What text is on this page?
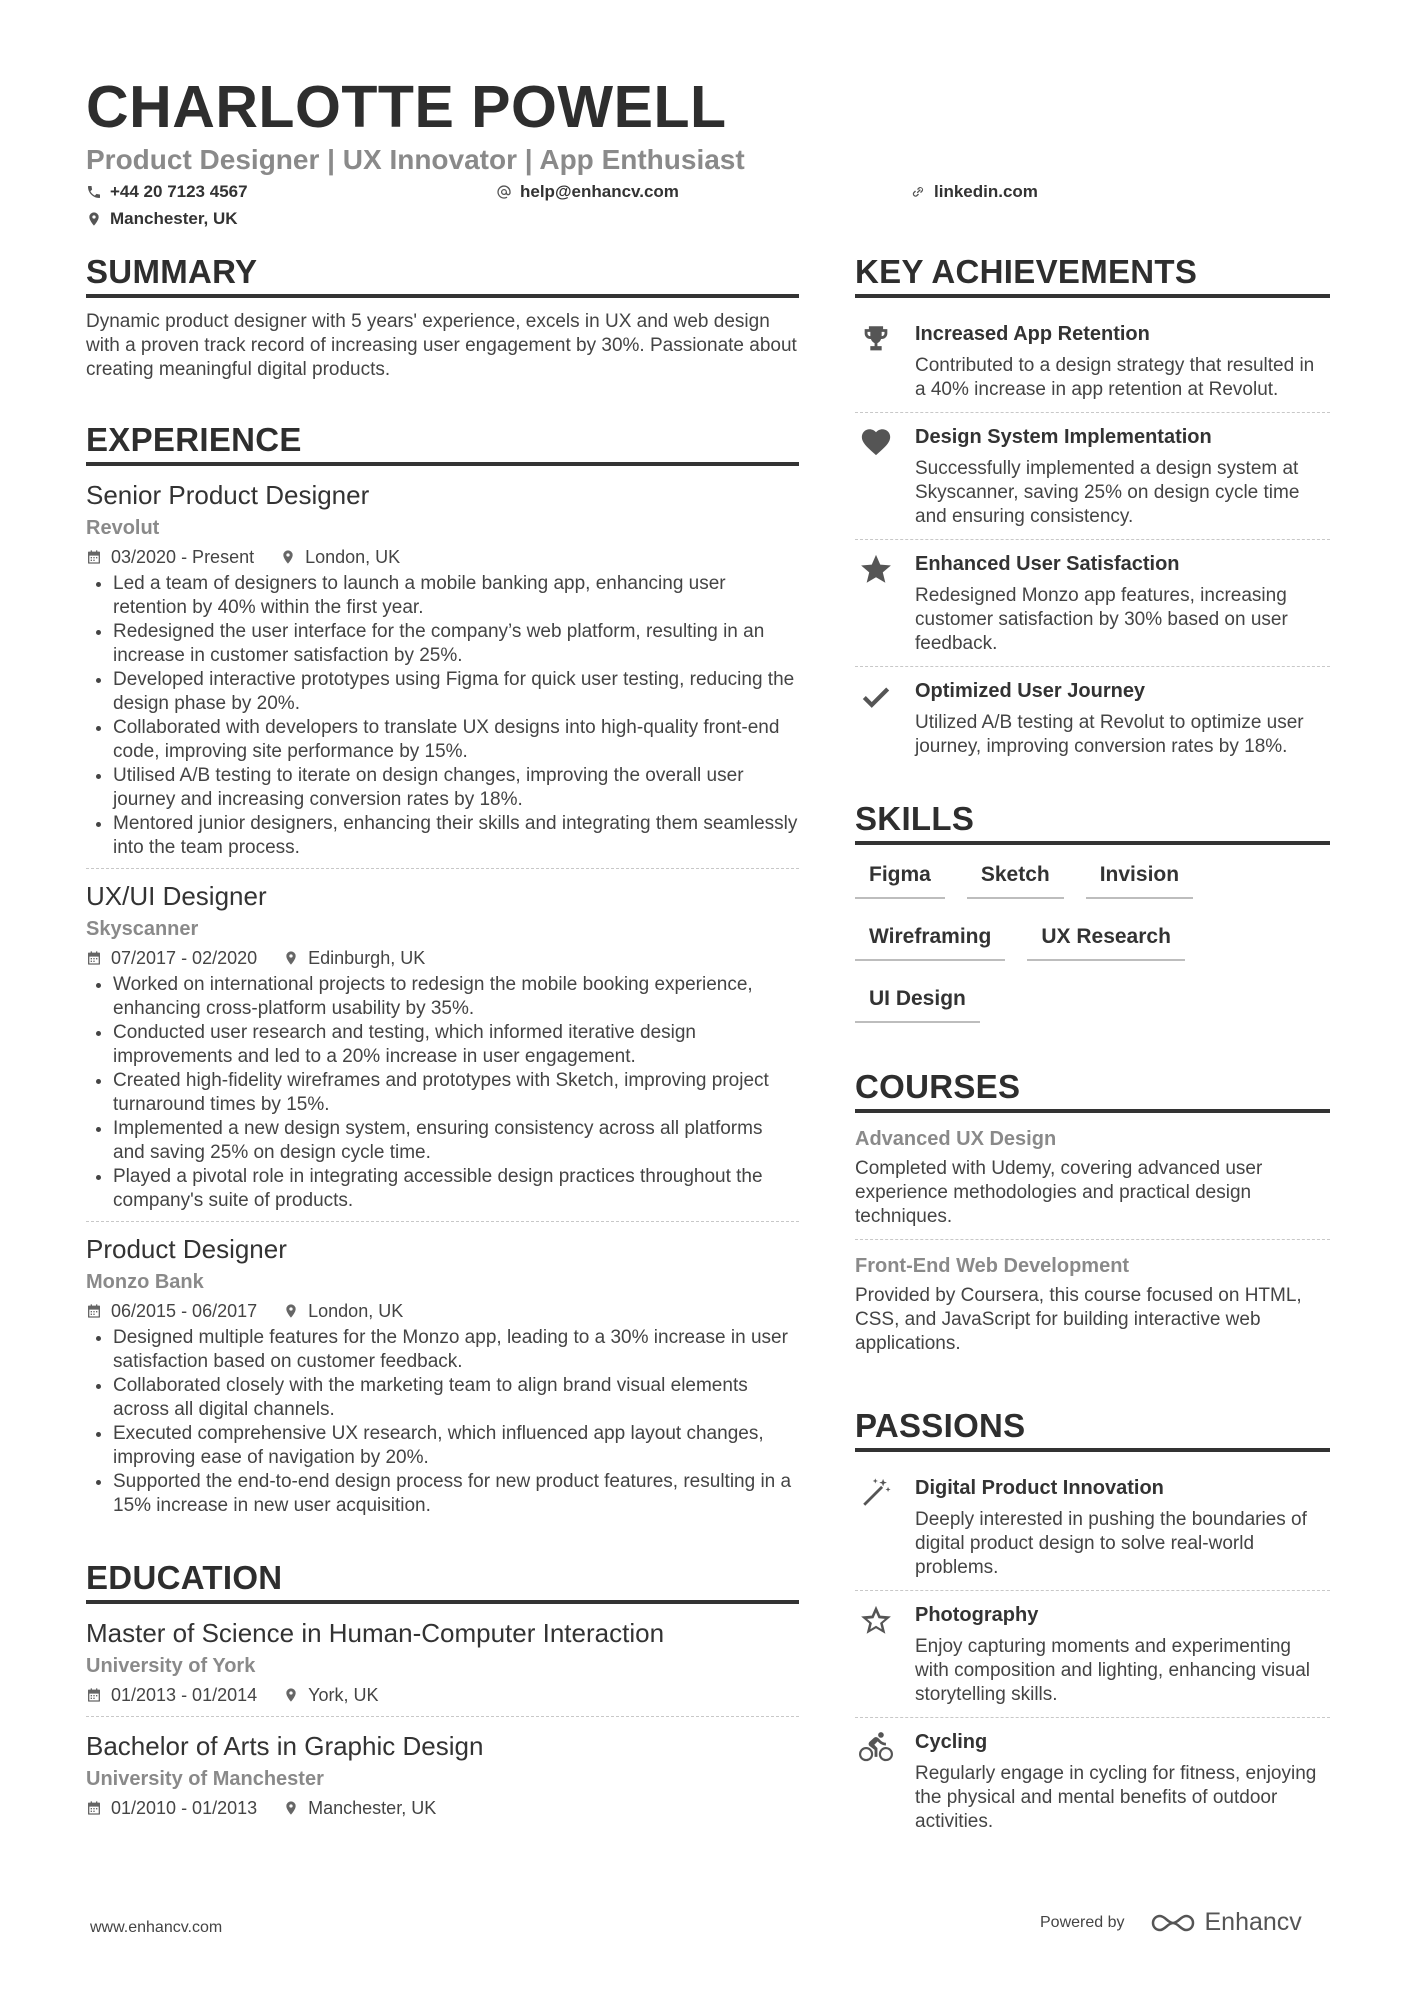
CHARLOTTE POWELL
Product Designer | UX Innovator | App Enthusiast
+44 20 7123 4567	help@enhancv.com	linkedin.com
Manchester, UK
SUMMARY
Dynamic product designer with 5 years' experience, excels in UX and web design with a proven track record of increasing user engagement by 30%. Passionate about creating meaningful digital products.
EXPERIENCE
Senior Product Designer
Revolut
03/2020 - Present	London, UK
• Led a team of designers to launch a mobile banking app, enhancing user retention by 40% within the first year.
• Redesigned the user interface for the company’s web platform, resulting in an increase in customer satisfaction by 25%.
• Developed interactive prototypes using Figma for quick user testing, reducing the design phase by 20%.
• Collaborated with developers to translate UX designs into high-quality front-end code, improving site performance by 15%.
• Utilised A/B testing to iterate on design changes, improving the overall user journey and increasing conversion rates by 18%.
• Mentored junior designers, enhancing their skills and integrating them seamlessly into the team process.
UX/UI Designer
Skyscanner
07/2017 - 02/2020	Edinburgh, UK
• Worked on international projects to redesign the mobile booking experience, enhancing cross-platform usability by 35%.
• Conducted user research and testing, which informed iterative design improvements and led to a 20% increase in user engagement.
• Created high-fidelity wireframes and prototypes with Sketch, improving project turnaround times by 15%.
• Implemented a new design system, ensuring consistency across all platforms and saving 25% on design cycle time.
• Played a pivotal role in integrating accessible design practices throughout the company's suite of products.
Product Designer
Monzo Bank
06/2015 - 06/2017	London, UK
• Designed multiple features for the Monzo app, leading to a 30% increase in user satisfaction based on customer feedback.
• Collaborated closely with the marketing team to align brand visual elements across all digital channels.
• Executed comprehensive UX research, which influenced app layout changes, improving ease of navigation by 20%.
• Supported the end-to-end design process for new product features, resulting in a 15% increase in new user acquisition.
EDUCATION
Master of Science in Human-Computer Interaction
University of York
01/2013 - 01/2014	York, UK
Bachelor of Arts in Graphic Design
University of Manchester
01/2010 - 01/2013	Manchester, UK
KEY ACHIEVEMENTS
Increased App Retention
Contributed to a design strategy that resulted in a 40% increase in app retention at Revolut.
Design System Implementation
Successfully implemented a design system at Skyscanner, saving 25% on design cycle time and ensuring consistency.
Enhanced User Satisfaction
Redesigned Monzo app features, increasing customer satisfaction by 30% based on user feedback.
Optimized User Journey
Utilized A/B testing at Revolut to optimize user journey, improving conversion rates by 18%.
SKILLS
Figma	Sketch	Invision
Wireframing	UX Research
UI Design
COURSES
Advanced UX Design
Completed with Udemy, covering advanced user experience methodologies and practical design techniques.
Front-End Web Development
Provided by Coursera, this course focused on HTML, CSS, and JavaScript for building interactive web applications.
PASSIONS
Digital Product Innovation
Deeply interested in pushing the boundaries of digital product design to solve real-world problems.
Photography
Enjoy capturing moments and experimenting with composition and lighting, enhancing visual storytelling skills.
Cycling
Regularly engage in cycling for fitness, enjoying the physical and mental benefits of outdoor activities.
www.enhancv.com	Powered by	Enhancv
